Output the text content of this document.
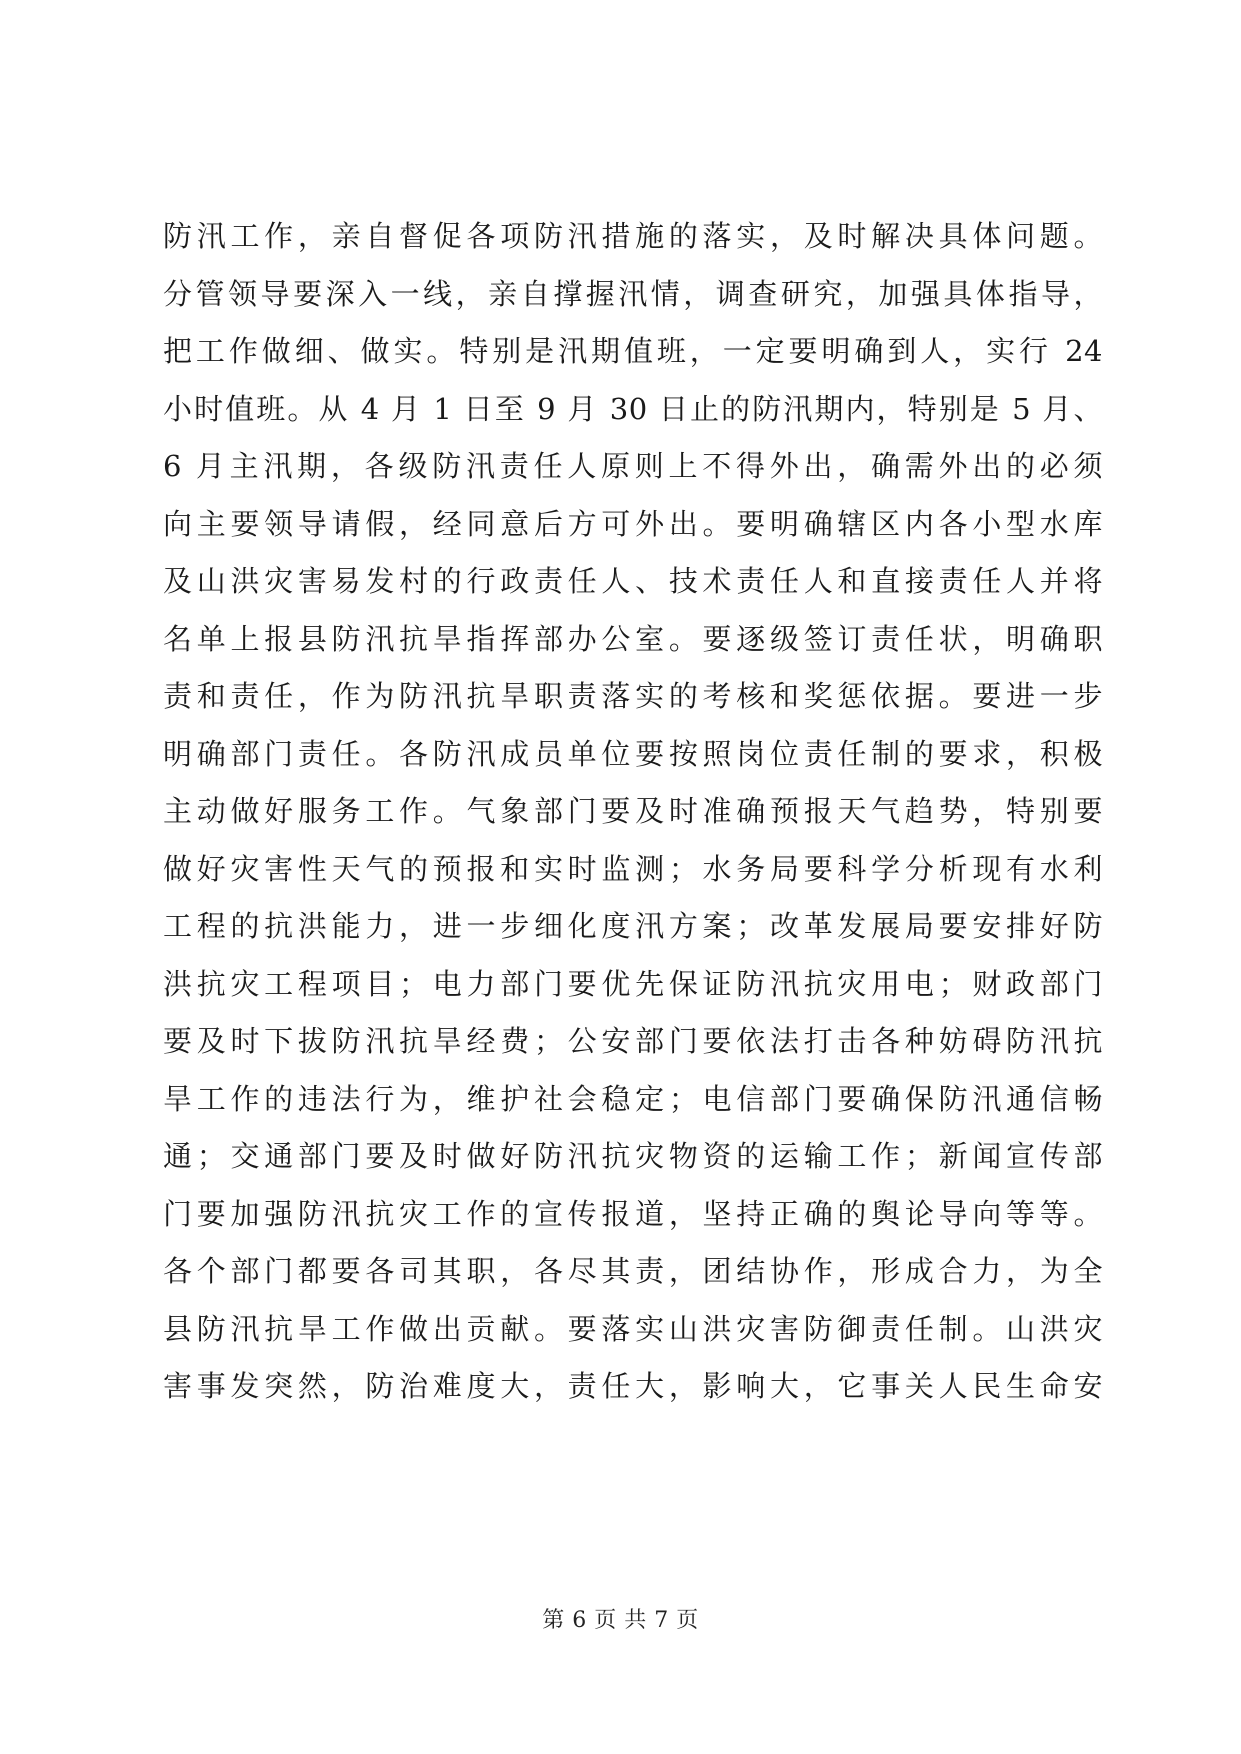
防汛工作，亲自督促各项防汛措施的落实，及时解决具体问题。
分管领导要深入一线，亲自撑握汛情，调查研究，加强具体指导，
把工作做细、做实。特别是汛期值班，一定要明确到人，实行 24
小时值班。从 4 月 1 日至 9 月 30 日止的防汛期内，特别是 5 月、
6 月主汛期，各级防汛责任人原则上不得外出，确需外出的必须
向主要领导请假，经同意后方可外出。要明确辖区内各小型水库
及山洪灾害易发村的行政责任人、技术责任人和直接责任人并将
名单上报县防汛抗旱指挥部办公室。要逐级签订责任状，明确职
责和责任，作为防汛抗旱职责落实的考核和奖惩依据。要进一步
明确部门责任。各防汛成员单位要按照岗位责任制的要求，积极
主动做好服务工作。气象部门要及时准确预报天气趋势，特别要
做好灾害性天气的预报和实时监测；水务局要科学分析现有水利
工程的抗洪能力，进一步细化度汛方案；改革发展局要安排好防
洪抗灾工程项目；电力部门要优先保证防汛抗灾用电；财政部门
要及时下拔防汛抗旱经费；公安部门要依法打击各种妨碍防汛抗
旱工作的违法行为，维护社会稳定；电信部门要确保防汛通信畅
通；交通部门要及时做好防汛抗灾物资的运输工作；新闻宣传部
门要加强防汛抗灾工作的宣传报道，坚持正确的舆论导向等等。
各个部门都要各司其职，各尽其责，团结协作，形成合力，为全
县防汛抗旱工作做出贡献。要落实山洪灾害防御责任制。山洪灾
害事发突然，防治难度大，责任大，影响大，它事关人民生命安
第 6 页 共 7 页
